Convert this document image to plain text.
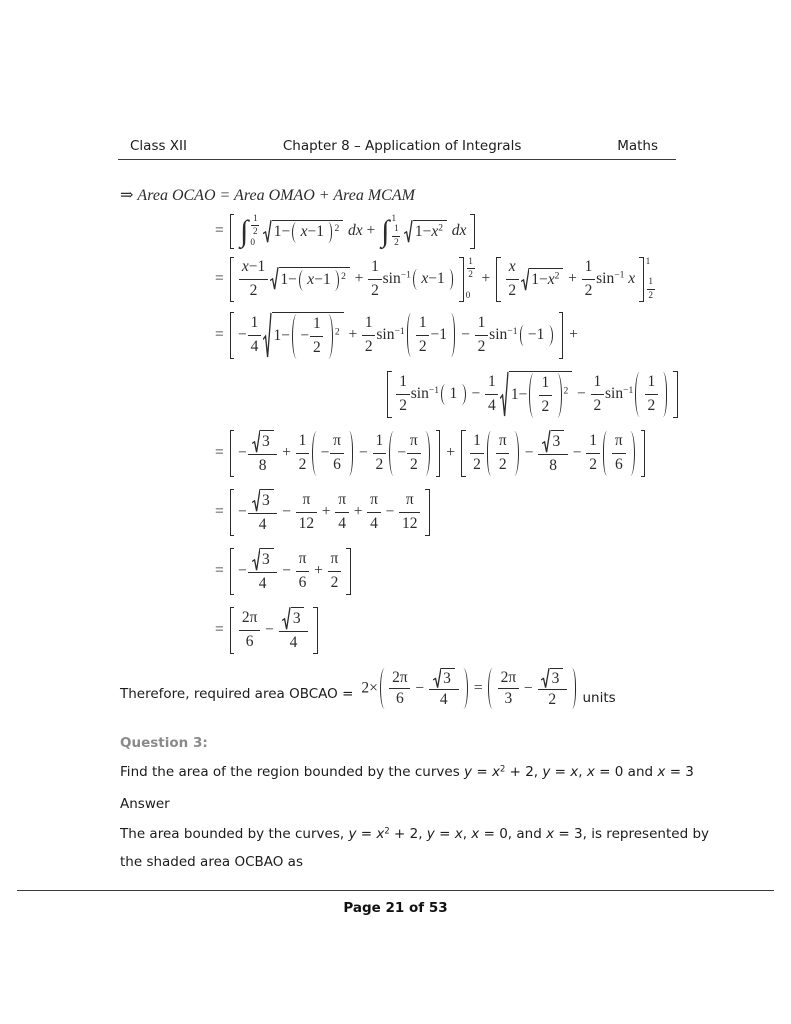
Class XII	Chapter 8 – Application of Integrals	Maths
⇒ Area OCAO = Area OMAO + Area MCAM
= ∫ $\frac{1}{2}$
0
1− x−1 $^2$ dx + ∫ 1
$\frac{1}{2} 1-x^2$ dx
= $\frac{x-1}{2} 1- x-1$ $^2 + \frac{1}{2} \sin^{-1} x-1 \frac{1}{2}$
0
+ $\frac{x}{2} 1-x^2 + \frac{1}{2} \sin^{-1} x$
1
$\frac{1}{2}$
= − $\frac{1}{4} 1- - \frac{1}{2} ^2 + \frac{1}{2} \sin^{-1} \frac{1}{2} -1 - \frac{1}{2} \sin^{-1} -1$ +
$\frac{1}{2} \sin^{-1} 1 - \frac{1}{4} 1- \frac{1}{2} ^2 - \frac{1}{2} \sin^{-1} \frac{1}{2}$
= − $\frac{3}{8} + \frac{1}{2} - \frac{\pi}{6} - \frac{1}{2} - \frac{\pi}{2} + \frac{1}{2} \frac{\pi}{2} - \frac{3}{8} - \frac{1}{2} \frac{\pi}{6}$
= − $\frac{3}{4} - \frac{\pi}{12} + \frac{\pi}{4} + \frac{\pi}{4} - \frac{\pi}{12}$
= − $\frac{3}{4} - \frac{\pi}{6} + \frac{\pi}{2}$
= $\frac{2\pi}{6} - \frac{3}{4}$
Therefore, required area OBCAO = $2\times \frac{2\pi}{6} - \frac{3}{4} = \frac{2\pi}{3} - \frac{3}{2}$ units
Question 3:
Find the area of the region bounded by the curves $y = x^2 + 2$, y = x, x = 0 and x = 3
Answer
The area bounded by the curves, $y = x^2 + 2$, y = x, x = 0, and x = 3, is represented by
the shaded area OCBAO as
Page 21 of 53
